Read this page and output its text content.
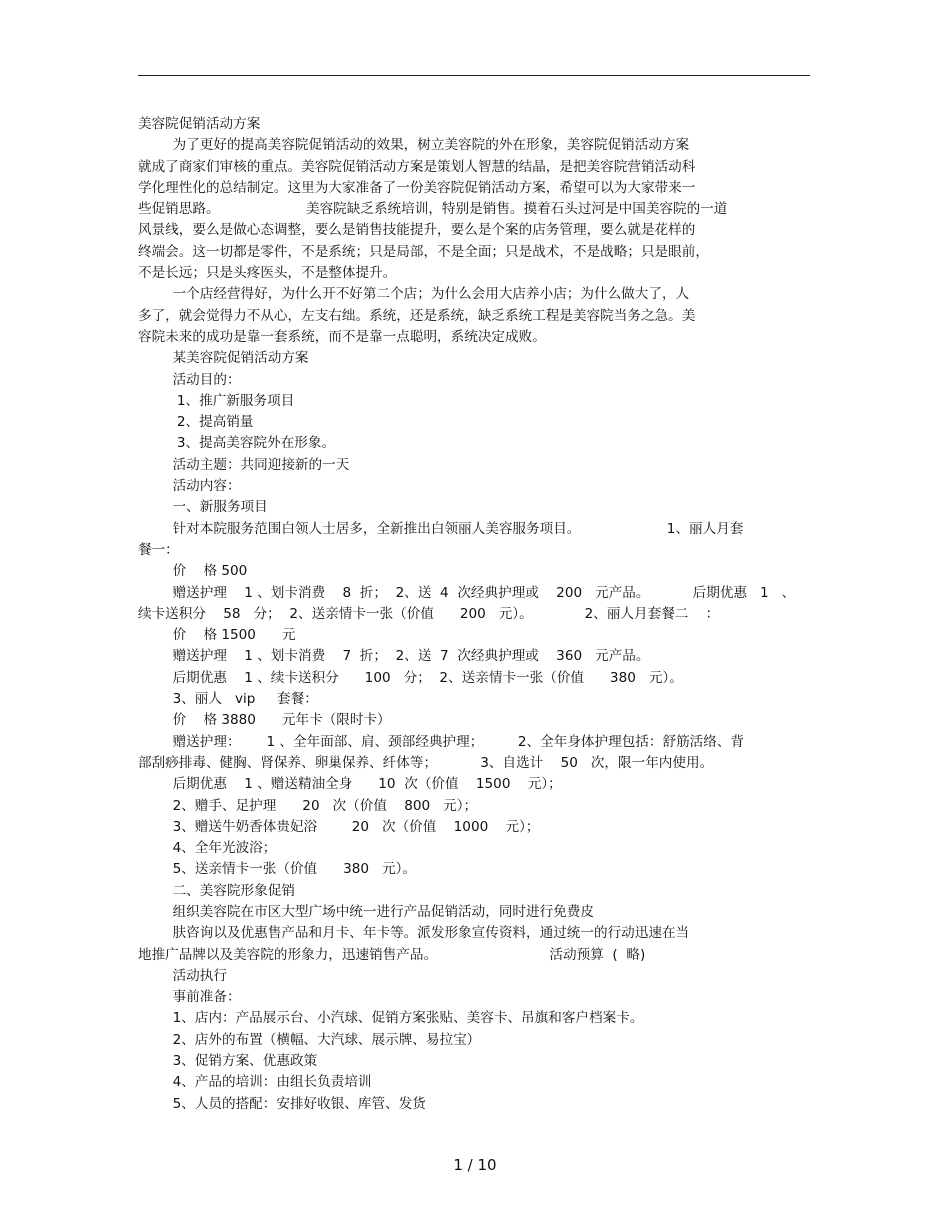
美容院促销活动方案
为了更好的提高美容院促销活动的效果，树立美容院的外在形象，美容院促销活动方案
就成了商家们审核的重点。美容院促销活动方案是策划人智慧的结晶，是把美容院营销活动科
学化理性化的总结制定。这里为大家准备了一份美容院促销活动方案，希望可以为大家带来一
些促销思路。                    美容院缺乏系统培训，特别是销售。摸着石头过河是中国美容院的一道
风景线，要么是做心态调整，要么是销售技能提升，要么是个案的店务管理，要么就是花样的
终端会。这一切都是零件，不是系统；只是局部，不是全面；只是战术，不是战略；只是眼前，
不是长远；只是头疼医头，不是整体提升。
一个店经营得好，为什么开不好第二个店；为什么会用大店养小店；为什么做大了，人
多了，就会觉得力不从心，左支右绌。系统，还是系统，缺乏系统工程是美容院当务之急。美
容院未来的成功是靠一套系统，而不是靠一点聪明，系统决定成败。
某美容院促销活动方案
活动目的：
1、推广新服务项目
2、提高销量
3、提高美容院外在形象。
活动主题：共同迎接新的一天
活动内容：
一、新服务项目
针对本院服务范围白领人士居多，全新推出白领丽人美容服务项目。                    1、丽人月套
餐一：
价    格 500
赠送护理    1 、划卡消费    8  折；  2、送  4  次经典护理或    200   元产品。          后期优惠   1   、
续卡送积分    58   分；  2、送亲情卡一张（价值      200   元）。            2、丽人月套餐二    ：
价    格 1500      元
赠送护理    1 、划卡消费    7  折；  2、送  7  次经典护理或    360   元产品。
后期优惠    1 、续卡送积分      100   分；  2、送亲情卡一张（价值      380   元）。
3、丽人   vip     套餐：
价    格 3880      元年卡（限时卡）
赠送护理：      1 、全年面部、肩、颈部经典护理；        2、全年身体护理包括：舒筋活络、背
部刮痧排毒、健胸、肾保养、卵巢保养、纤体等；          3、自选计    50   次，限一年内使用。
后期优惠    1 、赠送精油全身      10  次（价值    1500    元）；
2、赠手、足护理      20   次（价值    800   元）；
3、赠送牛奶香体贵妃浴        20   次（价值    1000    元）；
4、全年光波浴；
5、送亲情卡一张（价值      380   元）。
二、美容院形象促销
组织美容院在市区大型广场中统一进行产品促销活动，同时进行免费皮
肤咨询以及优惠售产品和月卡、年卡等。派发形象宣传资料，通过统一的行动迅速在当
地推广品牌以及美容院的形象力，迅速销售产品。                          活动预算  (  略)
活动执行
事前准备：
1、店内：产品展示台、小汽球、促销方案张贴、美容卡、吊旗和客户档案卡。
2、店外的布置（横幅、大汽球、展示牌、易拉宝）
3、促销方案、优惠政策
4、产品的培训：由组长负责培训
5、人员的搭配：安排好收银、库管、发货
1 / 10
